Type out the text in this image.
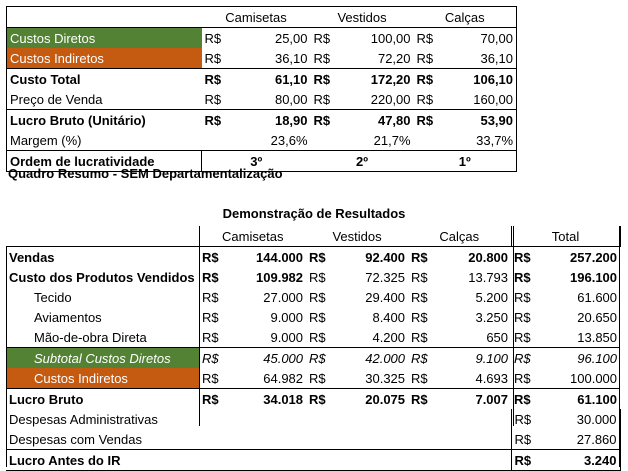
	Camisetas		Vestidos		Calças	
Custos Diretos	R$	25,00	R$	100,00	R$	70,00
Custos Indiretos	R$	36,10	R$	72,20	R$	36,10
Custo Total	R$	61,10	R$	172,20	R$	106,10
Preço de Venda	R$	80,00	R$	220,00	R$	160,00
Lucro Bruto (Unitário)	R$	18,90	R$	47,80	R$	53,90
Margem (%)	23,6%		21,7%		33,7%	
Ordem de lucratividade	3º		2º		1º	
Quadro Resumo - SEM Departamentalização
Demonstração de Resultados
	Camisetas		Vestidos		Calças		Total	
Vendas	R$	144.000	R$	92.400	R$	20.800	R$	257.200
Custo dos Produtos Vendidos	R$	109.982	R$	72.325	R$	13.793	R$	196.100
Tecido	R$	27.000	R$	29.400	R$	5.200	R$	61.600
Aviamentos	R$	9.000	R$	8.400	R$	3.250	R$	20.650
Mão-de-obra Direta	R$	9.000	R$	4.200	R$	650	R$	13.850
Subtotal Custos Diretos	R$	45.000	R$	42.000	R$	9.100	R$	96.100
Custos Indiretos	R$	64.982	R$	30.325	R$	4.693	R$	100.000
Lucro Bruto	R$	34.018	R$	20.075	R$	7.007	R$	61.100
Despesas Administrativas							R$	30.000
Despesas com Vendas							R$	27.860
Lucro Antes do IR							R$	3.240
